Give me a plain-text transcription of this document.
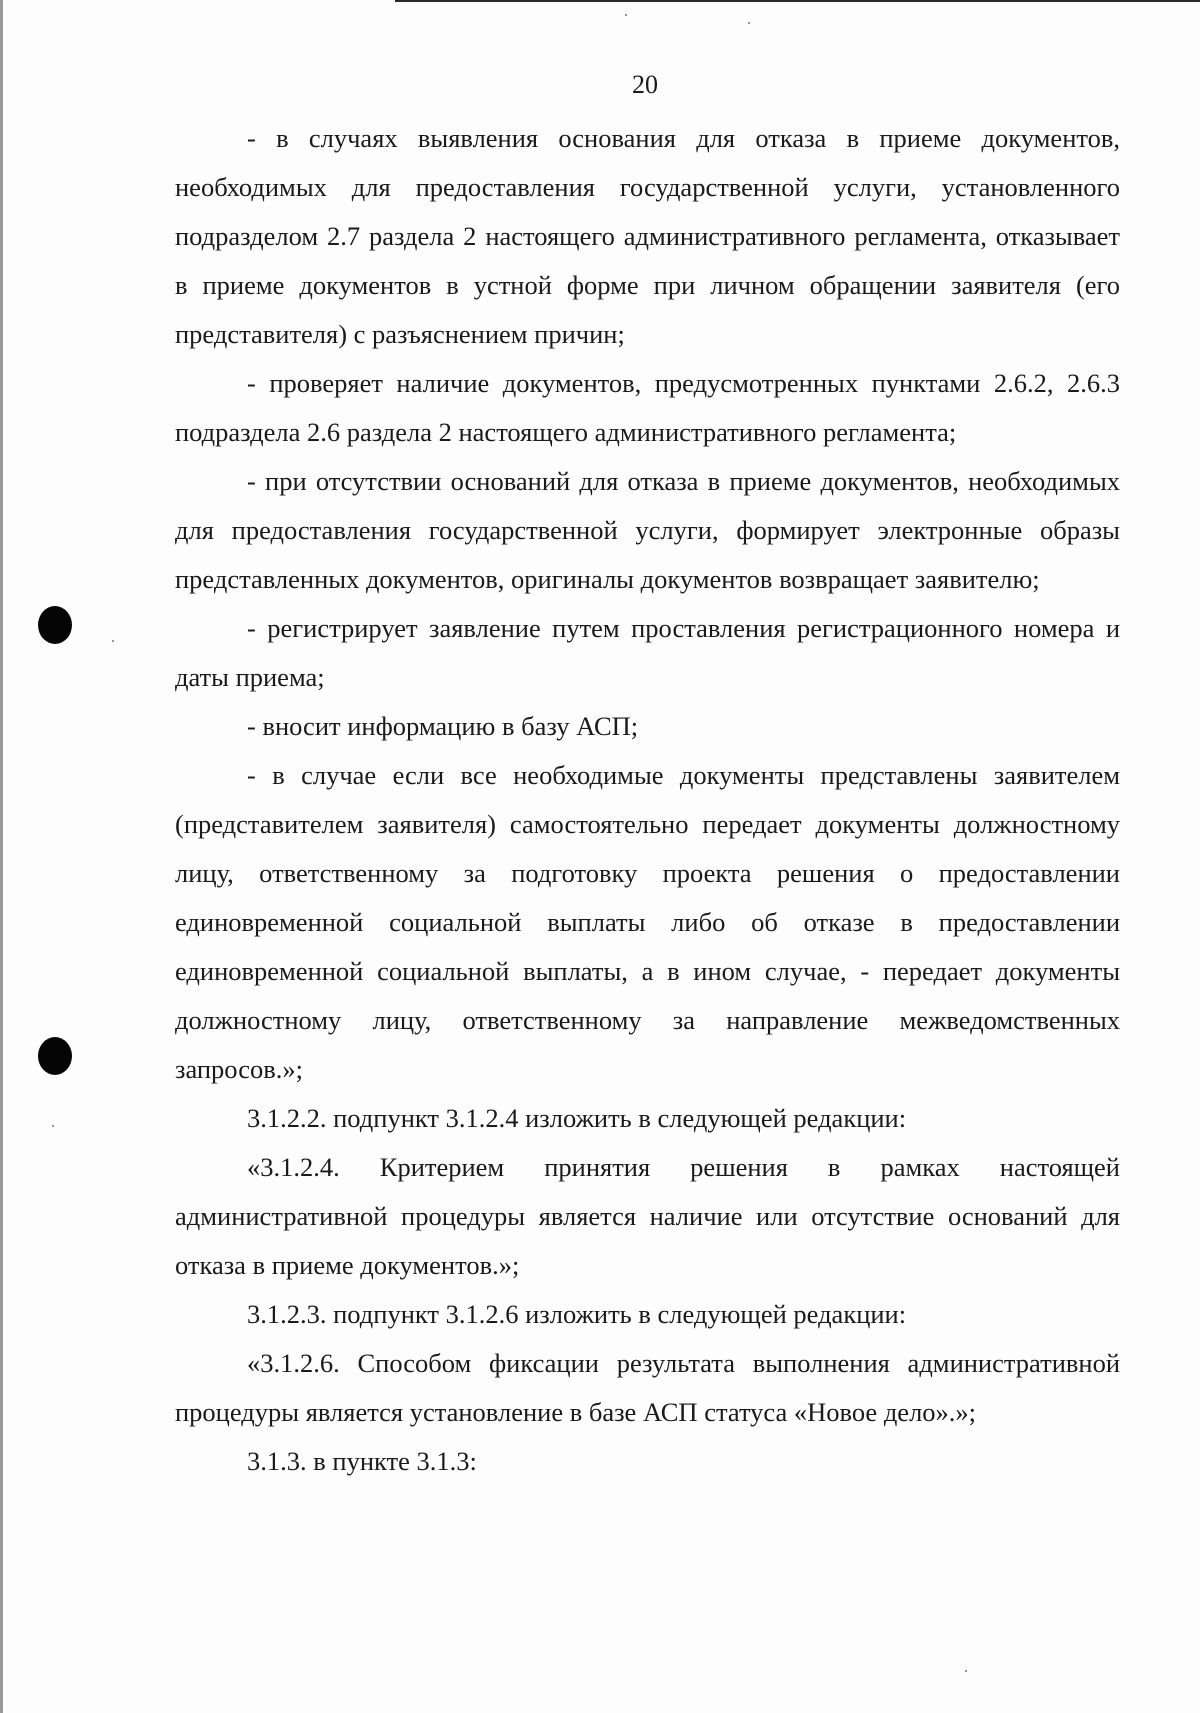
20

- в случаях выявления основания для отказа в приеме документов, необходимых для предоставления государственной услуги, установленного подразделом 2.7 раздела 2 настоящего административного регламента, отказывает в приеме документов в устной форме при личном обращении заявителя (его представителя) с разъяснением причин;

- проверяет наличие документов, предусмотренных пунктами 2.6.2, 2.6.3 подраздела 2.6 раздела 2 настоящего административного регламента;

- при отсутствии оснований для отказа в приеме документов, необходимых для предоставления государственной услуги, формирует электронные образы представленных документов, оригиналы документов возвращает заявителю;

- регистрирует заявление путем проставления регистрационного номера и даты приема;

- вносит информацию в базу АСП;

- в случае если все необходимые документы представлены заявителем (представителем заявителя) самостоятельно передает документы должностному лицу, ответственному за подготовку проекта решения о предоставлении единовременной социальной выплаты либо об отказе в предоставлении единовременной социальной выплаты, а в ином случае, - передает документы должностному лицу, ответственному за направление межведомственных запросов.»;

3.1.2.2. подпункт 3.1.2.4 изложить в следующей редакции:

«3.1.2.4. Критерием принятия решения в рамках настоящей административной процедуры является наличие или отсутствие оснований для отказа в приеме документов.»;

3.1.2.3. подпункт 3.1.2.6 изложить в следующей редакции:

«3.1.2.6. Способом фиксации результата выполнения административной процедуры является установление в базе АСП статуса «Новое дело».»;

3.1.3. в пункте 3.1.3:
